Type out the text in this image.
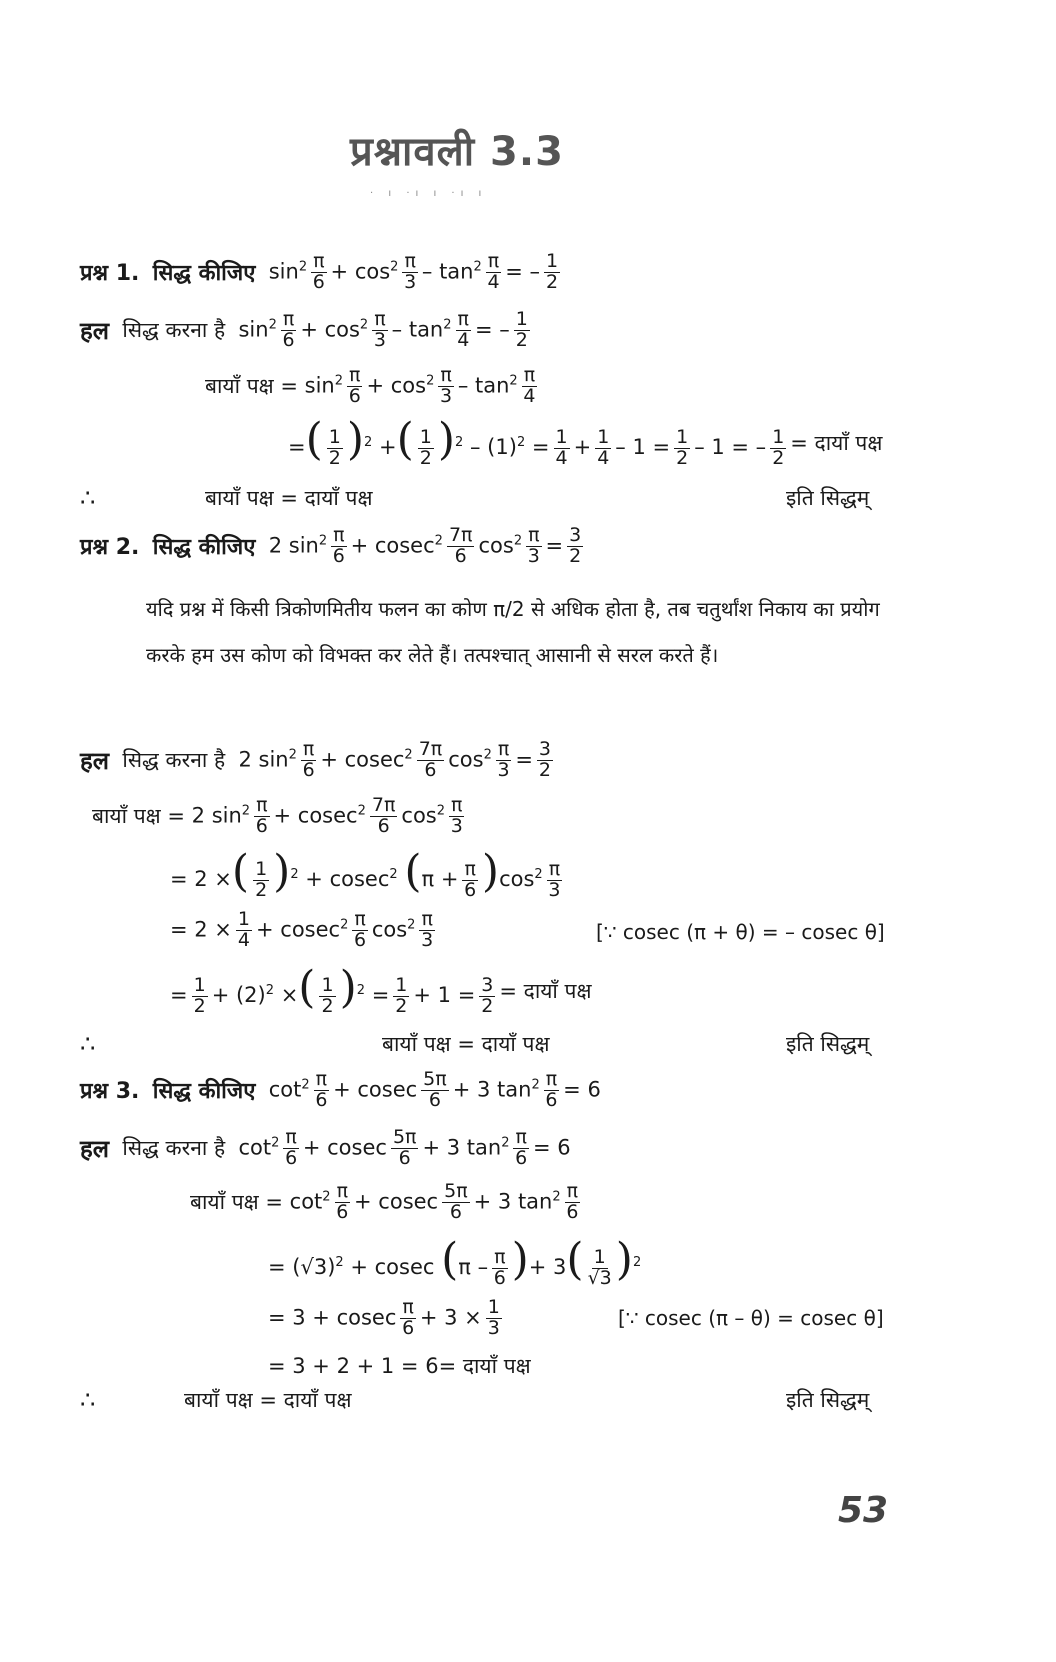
प्रश्नावली 3.3
· ı ·ı ı ·ı ı
प्रश्न 1.
सिद्ध कीजिए
$\sin^2 \frac{\pi}{6} + \cos^2 \frac{\pi}{3} - \tan^2 \frac{\pi}{4}$ = – $\frac{1}{2}$
हल
सिद्ध करना है
$\sin^2 \frac{\pi}{6} + \cos^2 \frac{\pi}{3} - \tan^2 \frac{\pi}{4}$ = – $\frac{1}{2}$
बायाँ पक्ष = $\sin^2 \frac{\pi}{6} + \cos^2 \frac{\pi}{3} - \tan^2 \frac{\pi}{4}$
=( $\frac{1}{2} )^2$ +( $\frac{1}{2} )^2 - (1)^2 = \frac{1}{4} + \frac{1}{4} - 1 = \frac{1}{2} - 1$ = – $\frac{1}{2}$ = दायाँ पक्ष
∴	बायाँ पक्ष = दायाँ पक्ष	इति सिद्धम्
प्रश्न 2.
सिद्ध कीजिए
2 $\sin^2 \frac{\pi}{6} + cosec^2 \frac{7\pi}{6} \cos^2 \frac{\pi}{3} = \frac{3}{2}$
यदि प्रश्न में किसी त्रिकोणमितीय फलन का कोण π/2 से अधिक होता है, तब चतुर्थांश निकाय का प्रयोग करके हम उस कोण को विभक्त कर लेते हैं। तत्पश्चात् आसानी से सरल करते हैं।
हल
सिद्ध करना है
2 $\sin^2 \frac{\pi}{6} + cosec^2 \frac{7\pi}{6} \cos^2 \frac{\pi}{3} = \frac{3}{2}$
बायाँ पक्ष = 2 $\sin^2 \frac{\pi}{6} + cosec^2 \frac{7\pi}{6} \cos^2 \frac{\pi}{3}$
= 2 ×( $\frac{1}{2} )^2 + cosec^2$ $(\pi + \frac{\pi}{6} )\cos^2 \frac{\pi}{3}$
= $2 \times \frac{1}{4} + cosec^2 \frac{\pi}{6} \cos^2 \frac{\pi}{3}$	[∵ cosec (π + θ) = – cosec θ]
= $\frac{1}{2} + (2)^2$ ×( $\frac{1}{2} )^2 = \frac{1}{2} + 1 = \frac{3}{2}$ = दायाँ पक्ष
∴	बायाँ पक्ष = दायाँ पक्ष	इति सिद्धम्
प्रश्न 3.
सिद्ध कीजिए
$\cot^2 \frac{\pi}{6} + cosec \frac{5\pi}{6} + 3$ $\tan^2 \frac{\pi}{6} = 6$
हल
सिद्ध करना है
$\cot^2 \frac{\pi}{6} + cosec \frac{5\pi}{6} + 3$ $\tan^2 \frac{\pi}{6} = 6$
बायाँ पक्ष = $\cot^2 \frac{\pi}{6} + cosec \frac{5\pi}{6} + 3$ $\tan^2 \frac{\pi}{6}$
= $(√3)^2 + cosec$ ($\pi - \frac{\pi}{6}$ )+ $3( \frac{1}{√3} )^2$
= 3 + cosec $\frac{\pi}{6} + 3 \times \frac{1}{3}$	[∵ cosec (π – θ) = cosec θ]
= 3 + 2 + 1 = 6 = दायाँ पक्ष
∴	बायाँ पक्ष = दायाँ पक्ष	इति सिद्धम्
53
